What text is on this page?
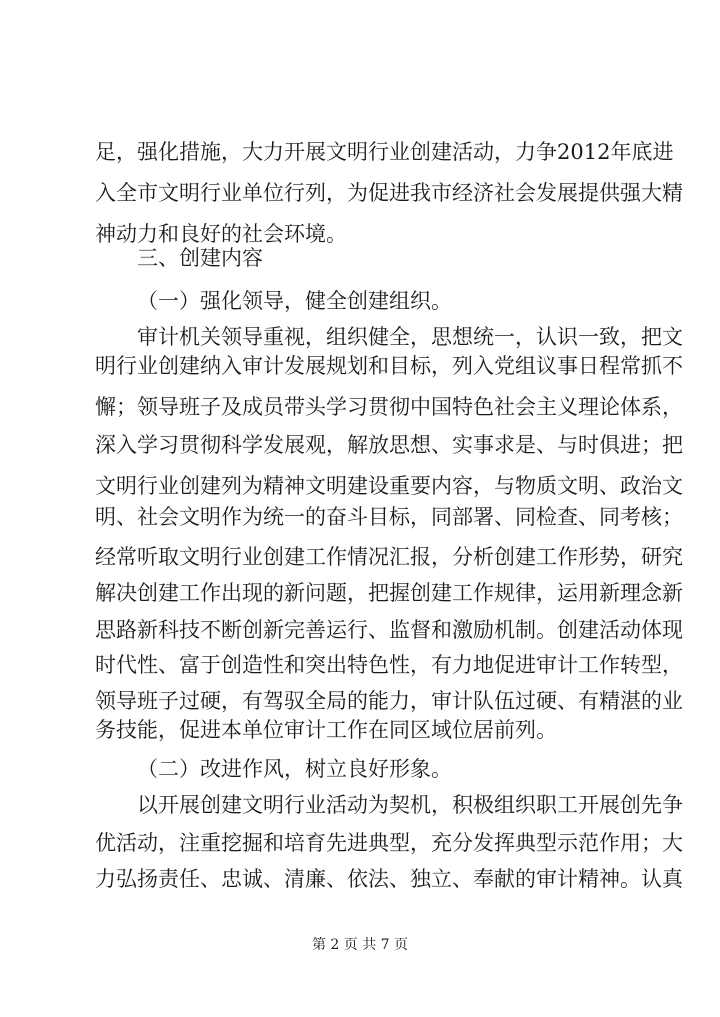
足，强化措施，大力开展文明行业创建活动，力争2012年底进
入全市文明行业单位行列，为促进我市经济社会发展提供强大精
神动力和良好的社会环境。
三、创建内容
（一）强化领导，健全创建组织。
审计机关领导重视，组织健全，思想统一，认识一致，把文
明行业创建纳入审计发展规划和目标，列入党组议事日程常抓不
懈；领导班子及成员带头学习贯彻中国特色社会主义理论体系，
深入学习贯彻科学发展观，解放思想、实事求是、与时俱进；把
文明行业创建列为精神文明建设重要内容，与物质文明、政治文
明、社会文明作为统一的奋斗目标，同部署、同检查、同考核；
经常听取文明行业创建工作情况汇报，分析创建工作形势，研究
解决创建工作出现的新问题，把握创建工作规律，运用新理念新
思路新科技不断创新完善运行、监督和激励机制。创建活动体现
时代性、富于创造性和突出特色性，有力地促进审计工作转型，
领导班子过硬，有驾驭全局的能力，审计队伍过硬、有精湛的业
务技能，促进本单位审计工作在同区域位居前列。
（二）改进作风，树立良好形象。
以开展创建文明行业活动为契机，积极组织职工开展创先争
优活动，注重挖掘和培育先进典型，充分发挥典型示范作用；大
力弘扬责任、忠诚、清廉、依法、独立、奉献的审计精神。认真
第 2 页 共 7 页
